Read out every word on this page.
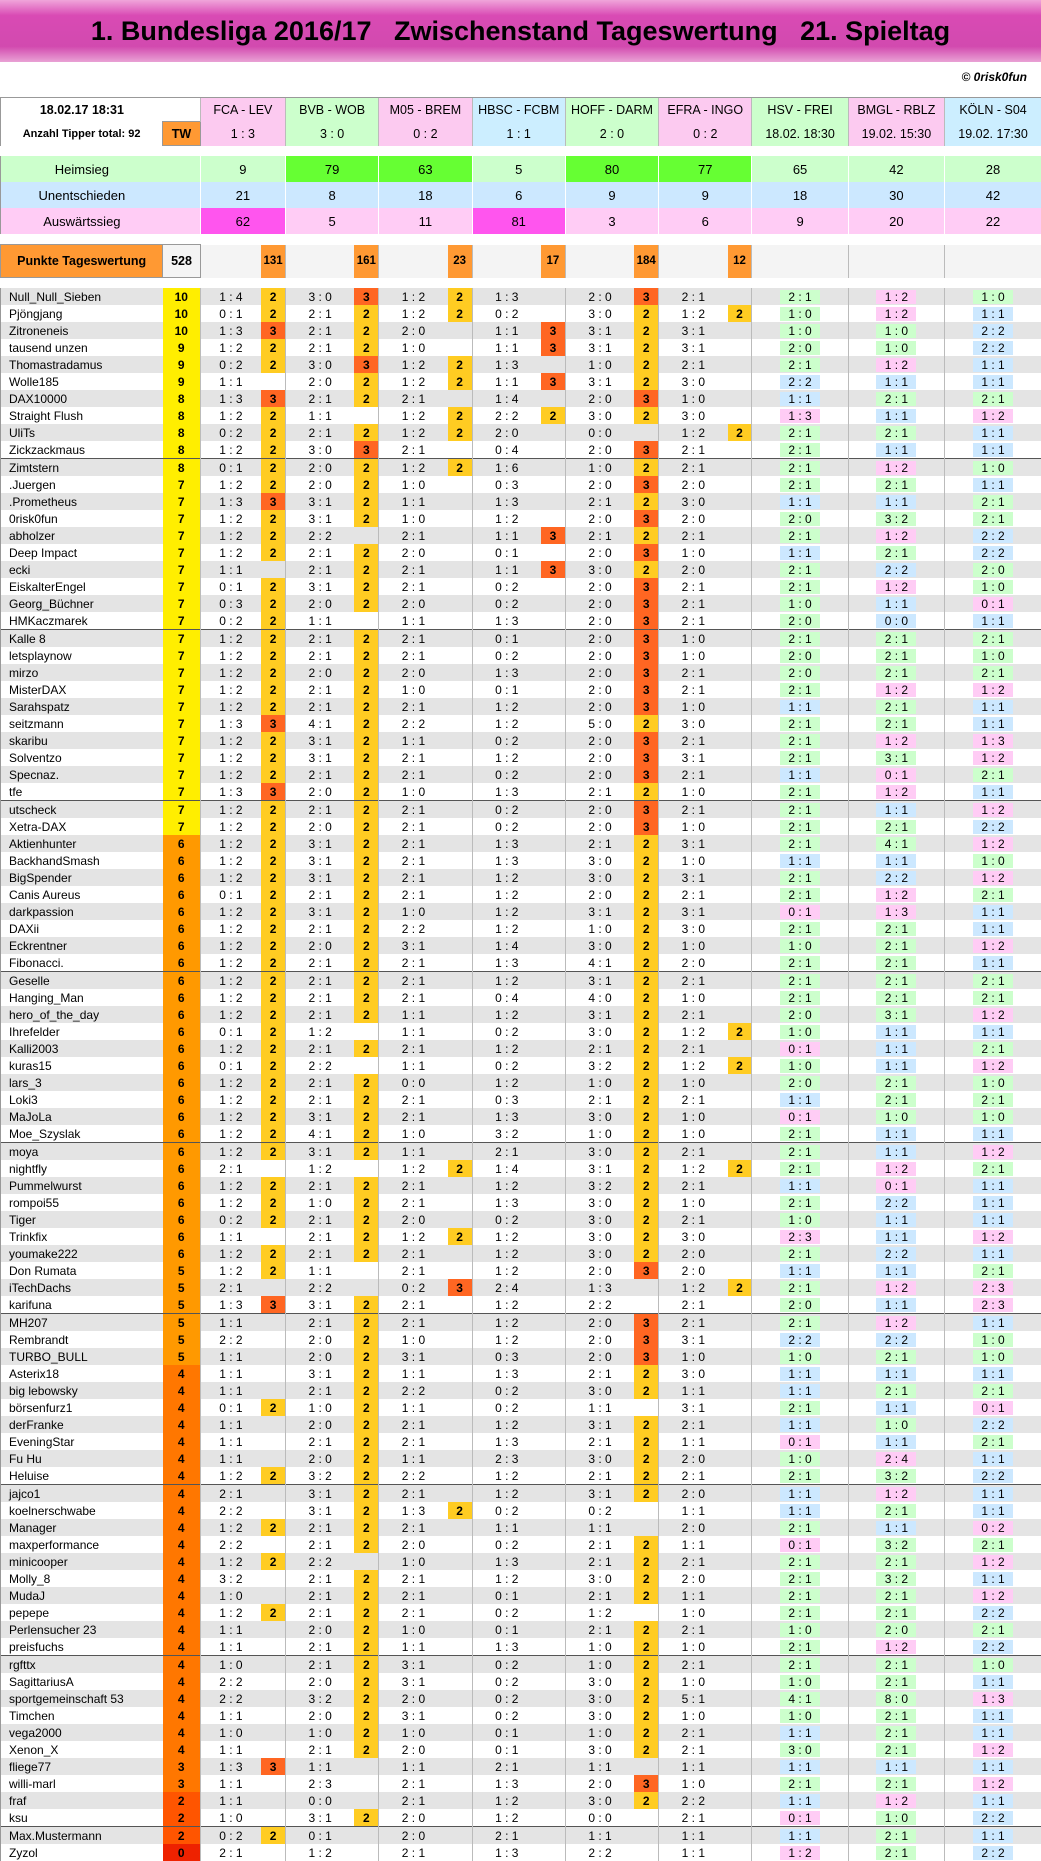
1. Bundesliga 2016/17   Zwischenstand Tageswertung   21. Spieltag
© 0risk0fun
18.02.17 18:31		FCA - LEV		BVB - WOB		M05 - BREM		HBSC - FCBM		HOFF - DARM		EFRA - INGO		HSV - FREI	BMGL - RBLZ	KÖLN - S04
Anzahl Tipper total: 92	TW	1 : 3		3 : 0		0 : 2		1 : 1		2 : 0		0 : 2		18.02. 18:30	19.02. 15:30	19.02. 17:30

Heimsieg		9		79		63		5		80		77		65	42	28
Unentschieden		21		8		18		6		9		9		18	30	42
Auswärtssieg		62		5		11		81		3		6		9	20	22

Punkte Tageswertung	528		131		161		23		17		184		12			

Null_Null_Sieben	10	1 : 4	2	3 : 0	3	1 : 2	2	1 : 3		2 : 0	3	2 : 1		2 : 1	1 : 2	1 : 0
Pjöngjang	10	0 : 1	2	2 : 1	2	1 : 2	2	0 : 2		3 : 0	2	1 : 2	2	1 : 0	1 : 2	1 : 1
Zitroneneis	10	1 : 3	3	2 : 1	2	2 : 0		1 : 1	3	3 : 1	2	3 : 1		1 : 0	1 : 0	2 : 2
tausend unzen	9	1 : 2	2	2 : 1	2	1 : 0		1 : 1	3	3 : 1	2	3 : 1		2 : 0	1 : 0	2 : 2
Thomastradamus	9	0 : 2	2	3 : 0	3	1 : 2	2	1 : 3		1 : 0	2	2 : 1		2 : 1	1 : 2	1 : 1
Wolle185	9	1 : 1		2 : 0	2	1 : 2	2	1 : 1	3	3 : 1	2	3 : 0		2 : 2	1 : 1	1 : 1
DAX10000	8	1 : 3	3	2 : 1	2	2 : 1		1 : 4		2 : 0	3	1 : 0		1 : 1	2 : 1	2 : 1
Straight Flush	8	1 : 2	2	1 : 1		1 : 2	2	2 : 2	2	3 : 0	2	3 : 0		1 : 3	1 : 1	1 : 2
UliTs	8	0 : 2	2	2 : 1	2	1 : 2	2	2 : 0		0 : 0		1 : 2	2	2 : 1	2 : 1	1 : 1
Zickzackmaus	8	1 : 2	2	3 : 0	3	2 : 1		0 : 4		2 : 0	3	2 : 1		2 : 1	1 : 1	1 : 1
Zimtstern	8	0 : 1	2	2 : 0	2	1 : 2	2	1 : 6		1 : 0	2	2 : 1		2 : 1	1 : 2	1 : 0
.Juergen	7	1 : 2	2	2 : 0	2	1 : 0		0 : 3		2 : 0	3	2 : 0		2 : 1	2 : 1	1 : 1
.Prometheus	7	1 : 3	3	3 : 1	2	1 : 1		1 : 3		2 : 1	2	3 : 0		1 : 1	1 : 1	2 : 1
0risk0fun	7	1 : 2	2	3 : 1	2	1 : 0		1 : 2		2 : 0	3	2 : 0		2 : 0	3 : 2	2 : 1
abholzer	7	1 : 2	2	2 : 2		2 : 1		1 : 1	3	2 : 1	2	2 : 1		2 : 1	1 : 2	2 : 2
Deep Impact	7	1 : 2	2	2 : 1	2	2 : 0		0 : 1		2 : 0	3	1 : 0		1 : 1	2 : 1	2 : 2
ecki	7	1 : 1		2 : 1	2	2 : 1		1 : 1	3	3 : 0	2	2 : 0		2 : 1	2 : 2	2 : 0
EiskalterEngel	7	0 : 1	2	3 : 1	2	2 : 1		0 : 2		2 : 0	3	2 : 1		2 : 1	1 : 2	1 : 0
Georg_Büchner	7	0 : 3	2	2 : 0	2	2 : 0		0 : 2		2 : 0	3	2 : 1		1 : 0	1 : 1	0 : 1
HMKaczmarek	7	0 : 2	2	1 : 1		1 : 1		1 : 3		2 : 0	3	2 : 1		2 : 0	0 : 0	1 : 1
Kalle 8	7	1 : 2	2	2 : 1	2	2 : 1		0 : 1		2 : 0	3	1 : 0		2 : 1	2 : 1	2 : 1
letsplaynow	7	1 : 2	2	2 : 1	2	2 : 1		0 : 2		2 : 0	3	1 : 0		2 : 0	2 : 1	1 : 0
mirzo	7	1 : 2	2	2 : 0	2	2 : 0		1 : 3		2 : 0	3	2 : 1		2 : 0	2 : 1	2 : 1
MisterDAX	7	1 : 2	2	2 : 1	2	1 : 0		0 : 1		2 : 0	3	2 : 1		2 : 1	1 : 2	1 : 2
Sarahspatz	7	1 : 2	2	2 : 1	2	2 : 1		1 : 2		2 : 0	3	1 : 0		1 : 1	2 : 1	1 : 1
seitzmann	7	1 : 3	3	4 : 1	2	2 : 2		1 : 2		5 : 0	2	3 : 0		2 : 1	2 : 1	1 : 1
skaribu	7	1 : 2	2	3 : 1	2	1 : 1		0 : 2		2 : 0	3	2 : 1		2 : 1	1 : 2	1 : 3
Solventzo	7	1 : 2	2	3 : 1	2	2 : 1		1 : 2		2 : 0	3	3 : 1		2 : 1	3 : 1	1 : 2
Specnaz.	7	1 : 2	2	2 : 1	2	2 : 1		0 : 2		2 : 0	3	2 : 1		1 : 1	0 : 1	2 : 1
tfe	7	1 : 3	3	2 : 0	2	1 : 0		1 : 3		2 : 1	2	1 : 0		2 : 1	1 : 2	1 : 1
utscheck	7	1 : 2	2	2 : 1	2	2 : 1		0 : 2		2 : 0	3	2 : 1		2 : 1	1 : 1	1 : 2
Xetra-DAX	7	1 : 2	2	2 : 0	2	2 : 1		0 : 2		2 : 0	3	1 : 0		2 : 1	2 : 1	2 : 2
Aktienhunter	6	1 : 2	2	3 : 1	2	2 : 1		1 : 3		2 : 1	2	3 : 1		2 : 1	4 : 1	1 : 2
BackhandSmash	6	1 : 2	2	3 : 1	2	2 : 1		1 : 3		3 : 0	2	1 : 0		1 : 1	1 : 1	1 : 0
BigSpender	6	1 : 2	2	3 : 1	2	2 : 1		1 : 2		3 : 0	2	3 : 1		2 : 1	2 : 2	1 : 2
Canis Aureus	6	0 : 1	2	2 : 1	2	2 : 1		1 : 2		2 : 0	2	2 : 1		2 : 1	1 : 2	2 : 1
darkpassion	6	1 : 2	2	3 : 1	2	1 : 0		1 : 2		3 : 1	2	3 : 1		0 : 1	1 : 3	1 : 1
DAXii	6	1 : 2	2	2 : 1	2	2 : 2		1 : 2		1 : 0	2	3 : 0		2 : 1	2 : 1	1 : 1
Eckrentner	6	1 : 2	2	2 : 0	2	3 : 1		1 : 4		3 : 0	2	1 : 0		1 : 0	2 : 1	1 : 2
Fibonacci.	6	1 : 2	2	2 : 1	2	2 : 1		1 : 3		4 : 1	2	2 : 0		2 : 1	2 : 1	1 : 1
Geselle	6	1 : 2	2	2 : 1	2	2 : 1		1 : 2		3 : 1	2	2 : 1		2 : 1	2 : 1	2 : 1
Hanging_Man	6	1 : 2	2	2 : 1	2	2 : 1		0 : 4		4 : 0	2	1 : 0		2 : 1	2 : 1	2 : 1
hero_of_the_day	6	1 : 2	2	2 : 1	2	1 : 1		1 : 2		3 : 1	2	2 : 1		2 : 0	3 : 1	1 : 2
Ihrefelder	6	0 : 1	2	1 : 2		1 : 1		0 : 2		3 : 0	2	1 : 2	2	1 : 0	1 : 1	1 : 1
Kalli2003	6	1 : 2	2	2 : 1	2	2 : 1		1 : 2		2 : 1	2	2 : 1		0 : 1	1 : 1	2 : 1
kuras15	6	0 : 1	2	2 : 2		1 : 1		0 : 2		3 : 2	2	1 : 2	2	1 : 0	1 : 1	1 : 2
lars_3	6	1 : 2	2	2 : 1	2	0 : 0		1 : 2		1 : 0	2	1 : 0		2 : 0	2 : 1	1 : 0
Loki3	6	1 : 2	2	2 : 1	2	2 : 1		0 : 3		2 : 1	2	2 : 1		1 : 1	2 : 1	2 : 1
MaJoLa	6	1 : 2	2	3 : 1	2	2 : 1		1 : 3		3 : 0	2	1 : 0		0 : 1	1 : 0	1 : 0
Moe_Szyslak	6	1 : 2	2	4 : 1	2	1 : 0		3 : 2		1 : 0	2	1 : 0		2 : 1	1 : 1	1 : 1
moya	6	1 : 2	2	3 : 1	2	1 : 1		2 : 1		3 : 0	2	2 : 1		2 : 1	1 : 1	1 : 2
nightfly	6	2 : 1		1 : 2		1 : 2	2	1 : 4		3 : 1	2	1 : 2	2	2 : 1	1 : 2	2 : 1
Pummelwurst	6	1 : 2	2	2 : 1	2	2 : 1		1 : 2		3 : 2	2	2 : 1		1 : 1	0 : 1	1 : 1
rompoi55	6	1 : 2	2	1 : 0	2	2 : 1		1 : 3		3 : 0	2	1 : 0		2 : 1	2 : 2	1 : 1
Tiger	6	0 : 2	2	2 : 1	2	2 : 0		0 : 2		3 : 0	2	2 : 1		1 : 0	1 : 1	1 : 1
Trinkfix	6	1 : 1		2 : 1	2	1 : 2	2	1 : 2		3 : 0	2	3 : 0		2 : 3	1 : 1	1 : 2
youmake222	6	1 : 2	2	2 : 1	2	2 : 1		1 : 2		3 : 0	2	2 : 0		2 : 1	2 : 2	1 : 1
Don Rumata	5	1 : 2	2	1 : 1		2 : 1		1 : 2		2 : 0	3	2 : 0		1 : 1	1 : 1	2 : 1
iTechDachs	5	2 : 1		2 : 2		0 : 2	3	2 : 4		1 : 3		1 : 2	2	2 : 1	1 : 2	2 : 3
karifuna	5	1 : 3	3	3 : 1	2	2 : 1		1 : 2		2 : 2		2 : 1		2 : 0	1 : 1	2 : 3
MH207	5	1 : 1		2 : 1	2	2 : 1		1 : 2		2 : 0	3	2 : 1		2 : 1	1 : 2	1 : 1
Rembrandt	5	2 : 2		2 : 0	2	1 : 0		1 : 2		2 : 0	3	3 : 1		2 : 2	2 : 2	1 : 0
TURBO_BULL	5	1 : 1		2 : 0	2	3 : 1		0 : 3		2 : 0	3	1 : 0		1 : 0	2 : 1	1 : 0
Asterix18	4	1 : 1		3 : 1	2	1 : 1		1 : 3		2 : 1	2	3 : 0		1 : 1	1 : 1	1 : 1
big lebowsky	4	1 : 1		2 : 1	2	2 : 2		0 : 2		3 : 0	2	1 : 1		1 : 1	2 : 1	2 : 1
börsenfurz1	4	0 : 1	2	1 : 0	2	1 : 1		0 : 2		1 : 1		3 : 1		2 : 1	1 : 1	0 : 1
derFranke	4	1 : 1		2 : 0	2	2 : 1		1 : 2		3 : 1	2	2 : 1		1 : 1	1 : 0	2 : 2
EveningStar	4	1 : 1		2 : 1	2	2 : 1		1 : 3		2 : 1	2	1 : 1		0 : 1	1 : 1	2 : 1
Fu Hu	4	1 : 1		2 : 0	2	1 : 1		2 : 3		3 : 0	2	2 : 0		1 : 0	2 : 4	1 : 1
Heluise	4	1 : 2	2	3 : 2	2	2 : 2		1 : 2		2 : 1	2	2 : 1		2 : 1	3 : 2	2 : 2
jajco1	4	2 : 1		3 : 1	2	2 : 1		1 : 2		3 : 1	2	2 : 0		1 : 1	1 : 2	1 : 1
koelnerschwabe	4	2 : 2		3 : 1	2	1 : 3	2	0 : 2		0 : 2		1 : 1		1 : 1	2 : 1	1 : 1
Manager	4	1 : 2	2	2 : 1	2	2 : 1		1 : 1		1 : 1		2 : 0		2 : 1	1 : 1	0 : 2
maxperformance	4	2 : 2		2 : 1	2	2 : 0		0 : 2		2 : 1	2	1 : 1		0 : 1	3 : 2	2 : 1
minicooper	4	1 : 2	2	2 : 2		1 : 0		1 : 3		2 : 1	2	2 : 1		2 : 1	2 : 1	1 : 2
Molly_8	4	3 : 2		2 : 1	2	2 : 1		1 : 2		3 : 0	2	2 : 0		2 : 1	3 : 2	1 : 1
MudaJ	4	1 : 0		2 : 1	2	2 : 1		0 : 1		2 : 1	2	1 : 1		2 : 1	2 : 1	1 : 2
pepepe	4	1 : 2	2	2 : 1	2	2 : 1		0 : 2		1 : 2		1 : 0		2 : 1	2 : 1	2 : 2
Perlensucher 23	4	1 : 1		2 : 0	2	1 : 0		0 : 1		2 : 1	2	2 : 1		1 : 0	2 : 0	2 : 1
preisfuchs	4	1 : 1		2 : 1	2	1 : 1		1 : 3		1 : 0	2	1 : 0		2 : 1	1 : 2	2 : 2
rgfttx	4	1 : 0		2 : 1	2	3 : 1		0 : 2		1 : 0	2	2 : 1		2 : 1	2 : 1	1 : 0
SagittariusA	4	2 : 2		2 : 0	2	3 : 1		0 : 2		3 : 0	2	1 : 0		1 : 0	2 : 1	1 : 1
sportgemeinschaft 53	4	2 : 2		3 : 2	2	2 : 0		0 : 2		3 : 0	2	5 : 1		4 : 1	8 : 0	1 : 3
Timchen	4	1 : 1		2 : 0	2	3 : 1		0 : 2		3 : 0	2	1 : 0		1 : 0	2 : 1	1 : 1
vega2000	4	1 : 0		1 : 0	2	1 : 0		0 : 1		1 : 0	2	2 : 1		1 : 1	2 : 1	1 : 1
Xenon_X	4	1 : 1		2 : 1	2	2 : 0		0 : 1		3 : 0	2	2 : 1		3 : 0	2 : 1	1 : 2
fliege77	3	1 : 3	3	1 : 1		1 : 1		2 : 1		1 : 1		1 : 1		1 : 1	1 : 1	1 : 1
willi-marl	3	1 : 1		2 : 3		2 : 1		1 : 3		2 : 0	3	1 : 0		2 : 1	2 : 1	1 : 2
fraf	2	1 : 1		0 : 0		2 : 1		1 : 2		3 : 0	2	2 : 2		1 : 1	1 : 2	1 : 1
ksu	2	1 : 0		3 : 1	2	2 : 0		1 : 2		0 : 0		2 : 1		0 : 1	1 : 0	2 : 2
Max.Mustermann	2	0 : 2	2	0 : 1		2 : 0		2 : 1		1 : 1		1 : 1		1 : 1	2 : 1	1 : 1
Zyzol	0	2 : 1		1 : 2		2 : 1		1 : 3		2 : 2		1 : 1		1 : 2	2 : 1	2 : 2
